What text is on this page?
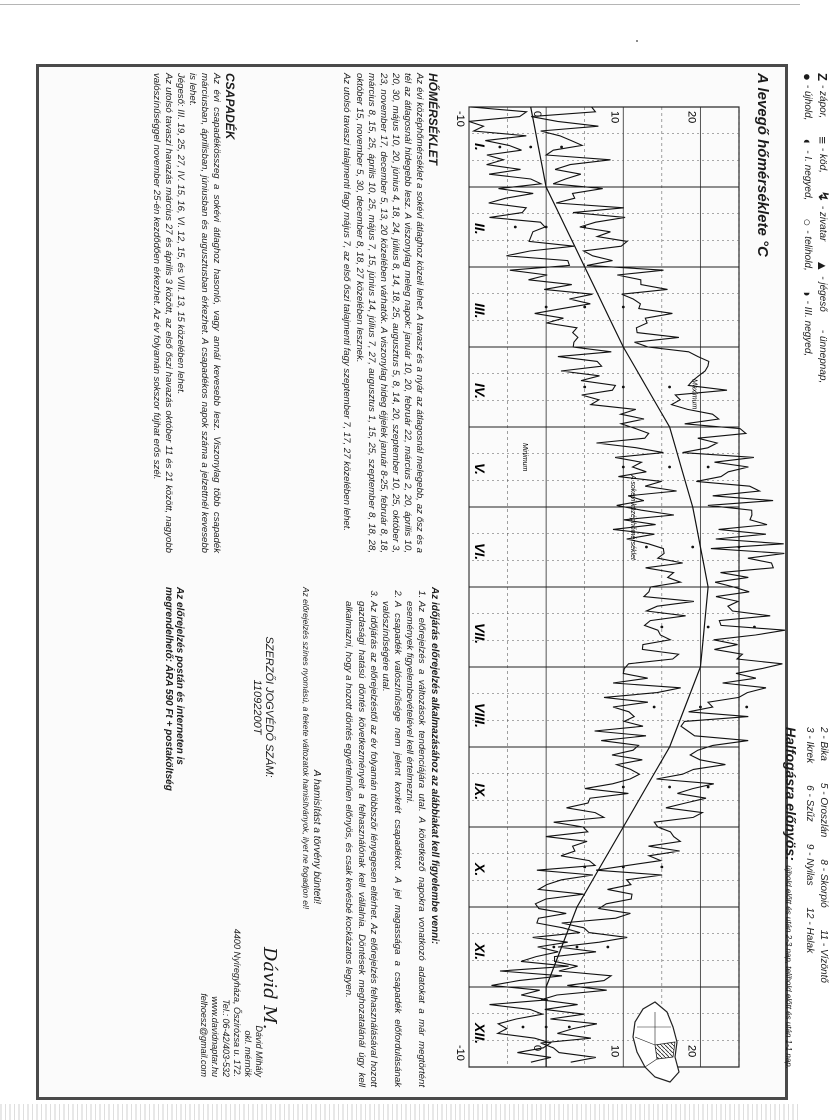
A levegő hőmérséklete °C	Z
- zápor,
≡
- köd,
↯
- zivatar
▲
- jégeső
- ünnepnap,
●
- újhold,
◐
- I. negyed,
○
- telihold,
◑
- III. negyed,
2 - Bika
5 - Oroszlán
8 - Skorpió
11 - Vízöntő
3 - Ikrek
6 - Szűz
9 - Nyilas
12 - Halak
Halfogásra előnyös: újhold előtt és után 2-3 nap, telihold előtt és után 1-1 nap.
20
20
10
10
0
0
-10
-10
I.
II.
III.
IV.
V.
VI.
VII.
VIII.
IX.
X.
XI.
XII.
Maximum
Minimum
A sokévi középhőmérséklet

HŐMÉRSÉKLET

Az évi középhőmérséklet a sokévi átlaghoz közeli lehet. A tavasz és a nyár az átlagosnál melegebb, az ősz és a tél az átlagosnál hidegebb lesz. A viszonylag meleg napok: január 10, 20, február 22, március 2, 20, április 10, 20, 30, május 10, 20, június 4, 18, 24, július 8, 14, 18, 25, augusztus 5, 8, 14, 20, szeptember 10, 25, október 3, 23, november 17, december 5, 13, 20 közelében várhatók. A viszonylag hideg éjjelek január 8-25, február 8, 18, március 8, 15, 25, április 10, 25, május 7, 15, június 14, július 7, 27, augusztus 1, 15, 25, szeptember 8, 18, 28, október 15, november 5, 30, december 8, 18, 27 közelében lesznek.

Az utolsó tavaszi talajmenti fagy május 7, az első őszi talajmenti fagy szeptember 7, 17, 27 közelében lehet.

CSAPADÉK

Az évi csapadékösszeg a sokévi átlaghoz hasonló, vagy annál kevesebb lesz. Viszonylag több csapadék márciusban, áprilisban, júniusban és augusztusban érkezhet. A csapadékos napok száma a jelzettnél kevesebb is lehet.

Jégeső: III. 19, 25, 27, IV. 15, 16, VI. 12, 15, és VIII. 13, 15 közelében lehet.

Az utolsó tavaszi havazás március 27 és április 3 között, az első őszi havazás október 11 és 21 között, nagyobb valószínűséggel november 25-én kezdődően érkezhet. Az év folyamán sokszor fújhat erős szél.

Az időjárás előrejelzés alkalmazásához az alábbiakat kell figyelembe venni:

1. Az előrejelzés a változások tendenciájára utal. A következő napokra vonatkozó adatokat a már megtörtént események figyelembevételével kell értelmezni.
2. A csapadék valószínűsége nem jelent konkrét csapadékot. A jel magassága a csapadék előfordulásának valószínűségére utal.
3. Az időjárás az előrejelzéstől az év folyamán többször lényegesen eltérhet. Az előrejelzés felhasználásával hozott gazdasági hatású döntés következményeit a felhasználónak kell vállalnia. Döntések meghozatalánál úgy kell alkalmazni, hogy a hozott döntés egyértelműen előnyös, és csak kevésbé kockázatos legyen.
A hamisítást a törvény bünteti!
Az előrejelzés színes nyomású, a fekete változatok hamisítványok, ilyet ne fogadjon el!
SZERZŐI JOGVÉDŐ SZÁM:
11092200T
Az előrejelzés postán és interneten is
megrendelhető: ÁRA 590 Ft + postaköltség
Dávid M.
Dávid Mihály
okl. mérnök
4400 Nyíregyháza, Őszirózsa u. 172.
Tel.: 06-42/403-532
www.davidnaptar.hu
felhoesz@gmail.com
